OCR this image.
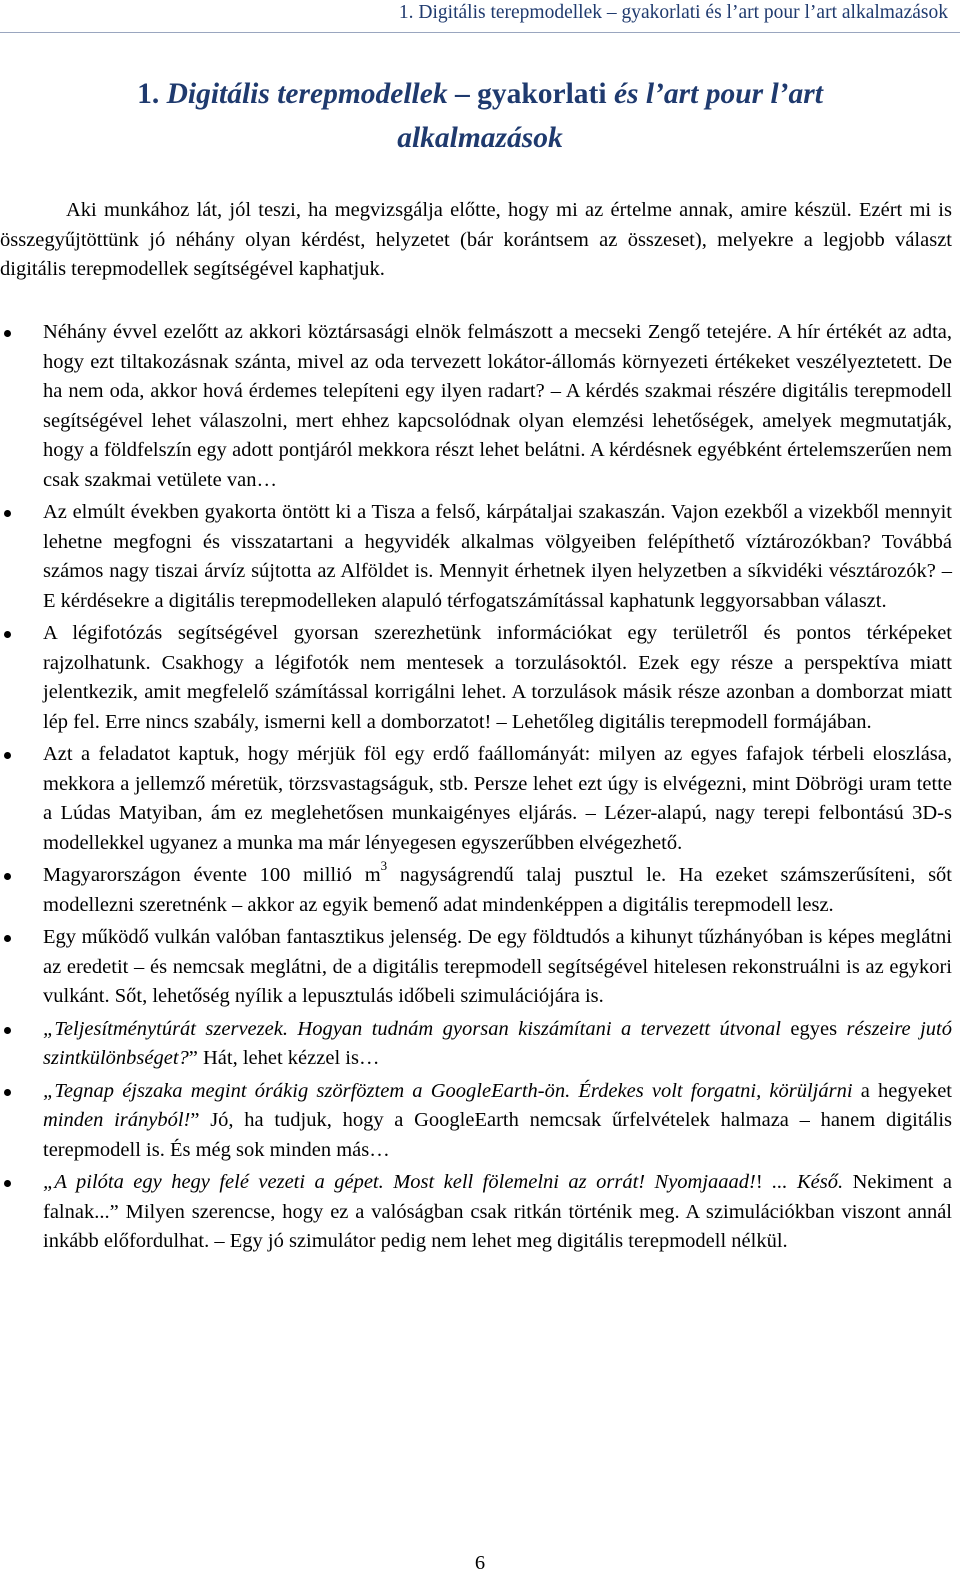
1. Digitális terepmodellek – gyakorlati és l’art pour l’art alkalmazások
1. Digitális terepmodellek – gyakorlati és l’art pour l’art
alkalmazások

Aki munkához lát, jól teszi, ha megvizsgálja előtte, hogy mi az értelme annak, amire készül. Ezért mi is összegyűjtöttünk jó néhány olyan kérdést, helyzetet (bár korántsem az összeset), melyekre a legjobb választ digitális terepmodellek segítségével kaphatjuk.

Néhány évvel ezelőtt az akkori köztársasági elnök felmászott a mecseki Zengő tetejére. A hír értékét az adta, hogy ezt tiltakozásnak szánta, mivel az oda tervezett lokátor-állomás környezeti értékeket veszélyeztetett. De ha nem oda, akkor hová érdemes telepíteni egy ilyen radart? – A kérdés szakmai részére digitális terepmodell segítségével lehet válaszolni, mert ehhez kapcsolódnak olyan elemzési lehetőségek, amelyek megmutatják, hogy a földfelszín egy adott pontjáról mekkora részt lehet belátni. A kérdésnek egyébként értelemszerűen nem csak szakmai vetülete van…
Az elmúlt években gyakorta öntött ki a Tisza a felső, kárpátaljai szakaszán. Vajon ezekből a vizekből mennyit lehetne megfogni és visszatartani a hegyvidék alkalmas völgyeiben felépíthető víztározókban? Továbbá számos nagy tiszai árvíz sújtotta az Alföldet is. Mennyit érhetnek ilyen helyzetben a síkvidéki vésztározók? – E kérdésekre a digitális terepmodelleken alapuló térfogatszámítással kaphatunk leggyorsabban választ.
A légifotózás segítségével gyorsan szerezhetünk információkat egy területről és pontos térképeket rajzolhatunk. Csakhogy a légifotók nem mentesek a torzulásoktól. Ezek egy része a perspektíva miatt jelentkezik, amit megfelelő számítással korrigálni lehet. A torzulások másik része azonban a domborzat miatt lép fel. Erre nincs szabály, ismerni kell a domborzatot! – Lehetőleg digitális terepmodell formájában.
Azt a feladatot kaptuk, hogy mérjük föl egy erdő faállományát: milyen az egyes fafajok térbeli eloszlása, mekkora a jellemző méretük, törzsvastagságuk, stb. Persze lehet ezt úgy is elvégezni, mint Döbrögi uram tette a Lúdas Matyiban, ám ez meglehetősen munkaigényes eljárás. – Lézer-alapú, nagy terepi felbontású 3D-s modellekkel ugyanez a munka ma már lényegesen egyszerűbben elvégezhető.
Magyarországon évente 100 millió $m^3$ nagyságrendű talaj pusztul le. Ha ezeket számszerűsíteni, sőt modellezni szeretnénk – akkor az egyik bemenő adat mindenképpen a digitális terepmodell lesz.
Egy működő vulkán valóban fantasztikus jelenség. De egy földtudós a kihunyt tűzhányóban is képes meglátni az eredetit – és nemcsak meglátni, de a digitális terepmodell segítségével hitelesen rekonstruálni is az egykori vulkánt. Sőt, lehetőség nyílik a lepusztulás időbeli szimulációjára is.
„Teljesítménytúrát szervezek. Hogyan tudnám gyorsan kiszámítani a tervezett útvonal egyes részeire jutó szintkülönbséget?” Hát, lehet kézzel is…
„Tegnap éjszaka megint órákig szörföztem a GoogleEarth-ön. Érdekes volt forgatni, körüljárni a hegyeket minden irányból!” Jó, ha tudjuk, hogy a GoogleEarth nemcsak űrfelvételek halmaza – hanem digitális terepmodell is. És még sok minden más…
„A pilóta egy hegy felé vezeti a gépet. Most kell fölemelni az orrát! Nyomjaaad!! ... Késő. Nekiment a falnak...” Milyen szerencse, hogy ez a valóságban csak ritkán történik meg. A szimulációkban viszont annál inkább előfordulhat. – Egy jó szimulátor pedig nem lehet meg digitális terepmodell nélkül.
6
